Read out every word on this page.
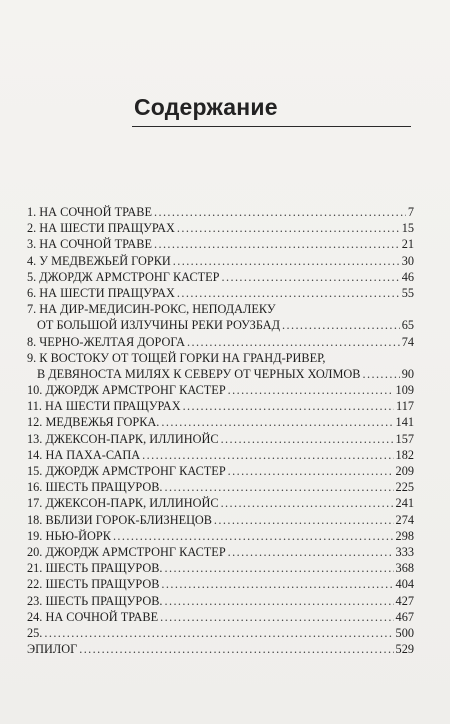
Содержание
1. НА СОЧНОЙ ТРАВЕ .....	7
2. НА ШЕСТИ ПРАЩУРАХ .....	15
3. НА СОЧНОЙ ТРАВЕ .....	21
4. У МЕДВЕЖЬЕЙ ГОРКИ .....	30
5. ДЖОРДЖ АРМСТРОНГ КАСТЕР .....	46
6. НА ШЕСТИ ПРАЩУРАХ .....	55
7. НА ДИР-МЕДИСИН-РОКС, НЕПОДАЛЕКУ
ОТ БОЛЬШОЙ ИЗЛУЧИНЫ РЕКИ РОУЗБАД .....	65
8. ЧЕРНО-ЖЕЛТАЯ ДОРОГА .....	74
9. К ВОСТОКУ ОТ ТОЩЕЙ ГОРКИ НА ГРАНД-РИВЕР,
В ДЕВЯНОСТА МИЛЯХ К СЕВЕРУ ОТ ЧЕРНЫХ ХОЛМОВ .....	90
10. ДЖОРДЖ АРМСТРОНГ КАСТЕР .....	109
11. НА ШЕСТИ ПРАЩУРАХ .....	117
12. МЕДВЕЖЬЯ ГОРКА. .....	141
13. ДЖЕКСОН-ПАРК, ИЛЛИНОЙС .....	157
14. НА ПАХА-САПА .....	182
15. ДЖОРДЖ АРМСТРОНГ КАСТЕР .....	209
16. ШЕСТЬ ПРАЩУРОВ. .....	225
17. ДЖЕКСОН-ПАРК, ИЛЛИНОЙС .....	241
18. ВБЛИЗИ ГОРОК-БЛИЗНЕЦОВ .....	274
19. НЬЮ-ЙОРК .....	298
20. ДЖОРДЖ АРМСТРОНГ КАСТЕР .....	333
21. ШЕСТЬ ПРАЩУРОВ. .....	368
22. ШЕСТЬ ПРАЩУРОВ .....	404
23. ШЕСТЬ ПРАЩУРОВ. .....	427
24. НА СОЧНОЙ ТРАВЕ .....	467
25. .....	500
ЭПИЛОГ .....	529
